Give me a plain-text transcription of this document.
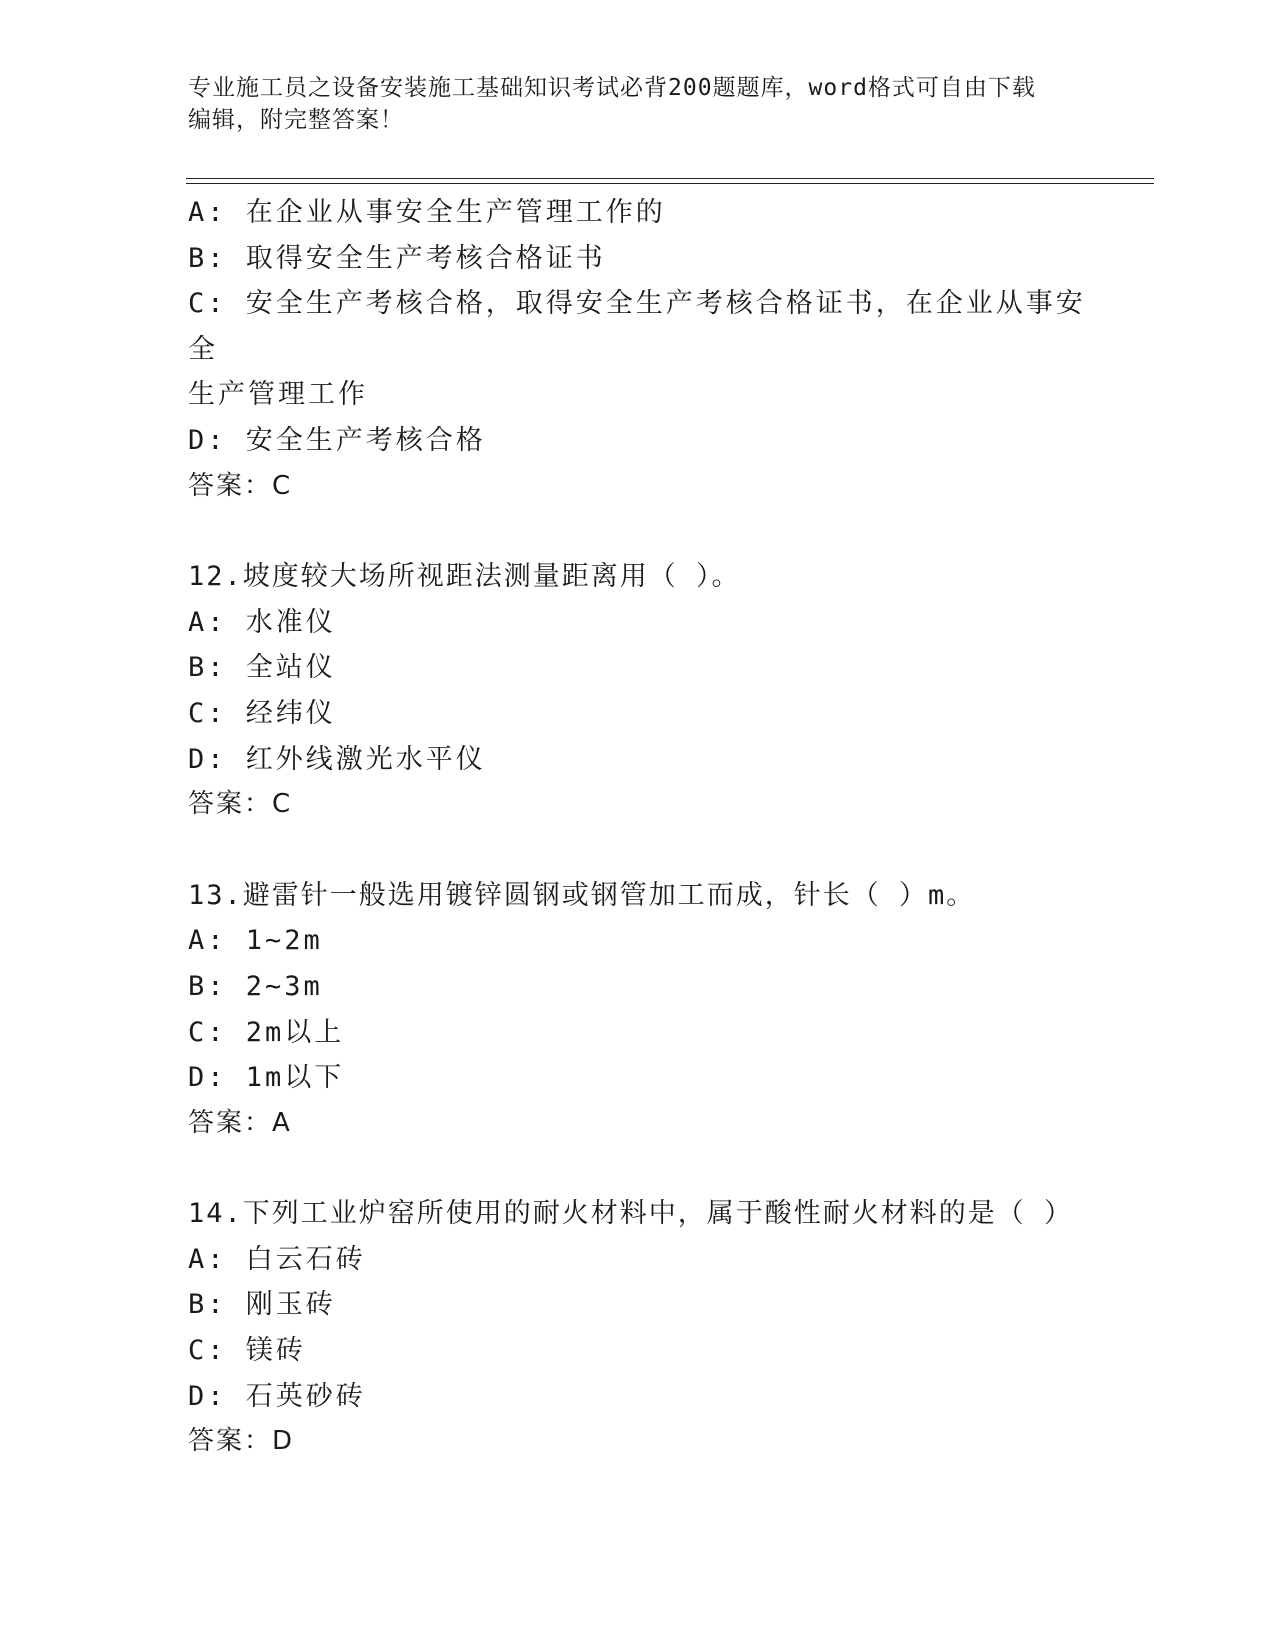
专业施工员之设备安装施工基础知识考试必背200题题库，word格式可自由下载
编辑，附完整答案！
A: 在企业从事安全生产管理工作的
B: 取得安全生产考核合格证书
C: 安全生产考核合格，取得安全生产考核合格证书，在企业从事安全
生产管理工作
D: 安全生产考核合格
答案：C
12.坡度较大场所视距法测量距离用（ ）。
A: 水准仪
B: 全站仪
C: 经纬仪
D: 红外线激光水平仪
答案：C
13.避雷针一般选用镀锌圆钢或钢管加工而成，针长（ ）m。
A: 1~2m
B: 2~3m
C: 2m以上
D: 1m以下
答案：A
14.下列工业炉窑所使用的耐火材料中，属于酸性耐火材料的是（ ）
A: 白云石砖
B: 刚玉砖
C: 镁砖
D: 石英砂砖
答案：D
